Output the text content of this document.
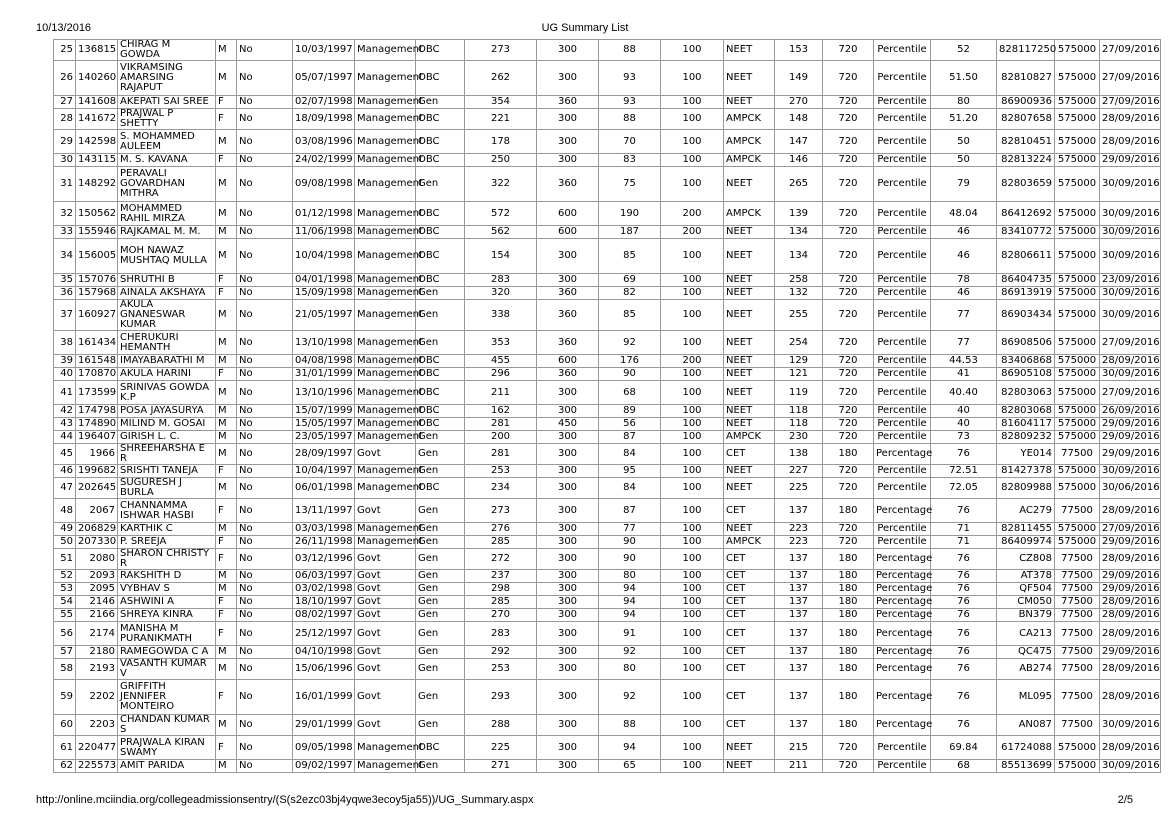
10/13/2016	UG Summary List
25	136815	CHIRAG M GOWDA	M	No	10/03/1997	Management	OBC	273	300	88	100	NEET	153	720	Percentile	52	828117250	575000	27/09/2016
26	140260	VIKRAMSING AMARSING RAJAPUT	M	No	05/07/1997	Management	OBC	262	300	93	100	NEET	149	720	Percentile	51.50	82810827	575000	27/09/2016
27	141608	AKEPATI SAI SREE	F	No	02/07/1998	Management	Gen	354	360	93	100	NEET	270	720	Percentile	80	86900936	575000	27/09/2016
28	141672	PRAJWAL P SHETTY	F	No	18/09/1998	Management	OBC	221	300	88	100	AMPCK	148	720	Percentile	51.20	82807658	575000	28/09/2016
29	142598	S. MOHAMMED AULEEM	M	No	03/08/1996	Management	OBC	178	300	70	100	AMPCK	147	720	Percentile	50	82810451	575000	28/09/2016
30	143115	M. S. KAVANA	F	No	24/02/1999	Management	OBC	250	300	83	100	AMPCK	146	720	Percentile	50	82813224	575000	29/09/2016
31	148292	PERAVALI GOVARDHAN MITHRA	M	No	09/08/1998	Management	Gen	322	360	75	100	NEET	265	720	Percentile	79	82803659	575000	30/09/2016
32	150562	MOHAMMED RAHIL MIRZA	M	No	01/12/1998	Management	OBC	572	600	190	200	AMPCK	139	720	Percentile	48.04	86412692	575000	30/09/2016
33	155946	RAJKAMAL M. M.	M	No	11/06/1998	Management	OBC	562	600	187	200	NEET	134	720	Percentile	46	83410772	575000	30/09/2016
34	156005	MOH NAWAZ MUSHTAQ MULLA	M	No	10/04/1998	Management	OBC	154	300	85	100	NEET	134	720	Percentile	46	82806611	575000	30/09/2016
35	157076	SHRUTHI B	F	No	04/01/1998	Management	OBC	283	300	69	100	NEET	258	720	Percentile	78	86404735	575000	23/09/2016
36	157968	AINALA AKSHAYA	F	No	15/09/1998	Management	Gen	320	360	82	100	NEET	132	720	Percentile	46	86913919	575000	30/09/2016
37	160927	AKULA GNANESWAR KUMAR	M	No	21/05/1997	Management	Gen	338	360	85	100	NEET	255	720	Percentile	77	86903434	575000	30/09/2016
38	161434	CHERUKURI HEMANTH	M	No	13/10/1998	Management	Gen	353	360	92	100	NEET	254	720	Percentile	77	86908506	575000	27/09/2016
39	161548	IMAYABARATHI M	M	No	04/08/1998	Management	OBC	455	600	176	200	NEET	129	720	Percentile	44.53	83406868	575000	28/09/2016
40	170870	AKULA HARINI	F	No	31/01/1999	Management	OBC	296	360	90	100	NEET	121	720	Percentile	41	86905108	575000	30/09/2016
41	173599	SRINIVAS GOWDA K.P	M	No	13/10/1996	Management	OBC	211	300	68	100	NEET	119	720	Percentile	40.40	82803063	575000	27/09/2016
42	174798	POSA JAYASURYA	M	No	15/07/1999	Management	OBC	162	300	89	100	NEET	118	720	Percentile	40	82803068	575000	26/09/2016
43	174890	MILIND M. GOSAI	M	No	15/05/1997	Management	OBC	281	450	56	100	NEET	118	720	Percentile	40	81604117	575000	29/09/2016
44	196407	GIRISH L. C.	M	No	23/05/1997	Management	Gen	200	300	87	100	AMPCK	230	720	Percentile	73	82809232	575000	29/09/2016
45	1966	SHREEHARSHA E R	M	No	28/09/1997	Govt	Gen	281	300	84	100	CET	138	180	Percentage	76	YE014	77500	29/09/2016
46	199682	SRISHTI TANEJA	F	No	10/04/1997	Management	Gen	253	300	95	100	NEET	227	720	Percentile	72.51	81427378	575000	30/09/2016
47	202645	SUGURESH J BURLA	M	No	06/01/1998	Management	OBC	234	300	84	100	NEET	225	720	Percentile	72.05	82809988	575000	30/06/2016
48	2067	CHANNAMMA ISHWAR HASBI	F	No	13/11/1997	Govt	Gen	273	300	87	100	CET	137	180	Percentage	76	AC279	77500	28/09/2016
49	206829	KARTHIK C	M	No	03/03/1998	Management	Gen	276	300	77	100	NEET	223	720	Percentile	71	82811455	575000	27/09/2016
50	207330	P. SREEJA	F	No	26/11/1998	Management	Gen	285	300	90	100	AMPCK	223	720	Percentile	71	86409974	575000	29/09/2016
51	2080	SHARON CHRISTY R	F	No	03/12/1996	Govt	Gen	272	300	90	100	CET	137	180	Percentage	76	CZ808	77500	28/09/2016
52	2093	RAKSHITH D	M	No	06/03/1997	Govt	Gen	237	300	80	100	CET	137	180	Percentage	76	AT378	77500	29/09/2016
53	2095	VYBHAV S	M	No	03/02/1998	Govt	Gen	298	300	94	100	CET	137	180	Percentage	76	QF504	77500	29/09/2016
54	2146	ASHWINI A	F	No	18/10/1997	Govt	Gen	285	300	94	100	CET	137	180	Percentage	76	CM050	77500	28/09/2016
55	2166	SHREYA KINRA	F	No	08/02/1997	Govt	Gen	270	300	94	100	CET	137	180	Percentage	76	BN379	77500	28/09/2016
56	2174	MANISHA M PURANIKMATH	F	No	25/12/1997	Govt	Gen	283	300	91	100	CET	137	180	Percentage	76	CA213	77500	28/09/2016
57	2180	RAMEGOWDA C A	M	No	04/10/1998	Govt	Gen	292	300	92	100	CET	137	180	Percentage	76	QC475	77500	29/09/2016
58	2193	VASANTH KUMAR V	M	No	15/06/1996	Govt	Gen	253	300	80	100	CET	137	180	Percentage	76	AB274	77500	28/09/2016
59	2202	GRIFFITH JENNIFER MONTEIRO	F	No	16/01/1999	Govt	Gen	293	300	92	100	CET	137	180	Percentage	76	ML095	77500	28/09/2016
60	2203	CHANDAN KUMAR S	M	No	29/01/1999	Govt	Gen	288	300	88	100	CET	137	180	Percentage	76	AN087	77500	30/09/2016
61	220477	PRAJWALA KIRAN SWAMY	F	No	09/05/1998	Management	OBC	225	300	94	100	NEET	215	720	Percentile	69.84	61724088	575000	28/09/2016
62	225573	AMIT PARIDA	M	No	09/02/1997	Management	Gen	271	300	65	100	NEET	211	720	Percentile	68	85513699	575000	30/09/2016
http://online.mciindia.org/collegeadmissionsentry/(S(s2ezc03bj4yqwe3ecoy5ja55))/UG_Summary.aspx	2/5
